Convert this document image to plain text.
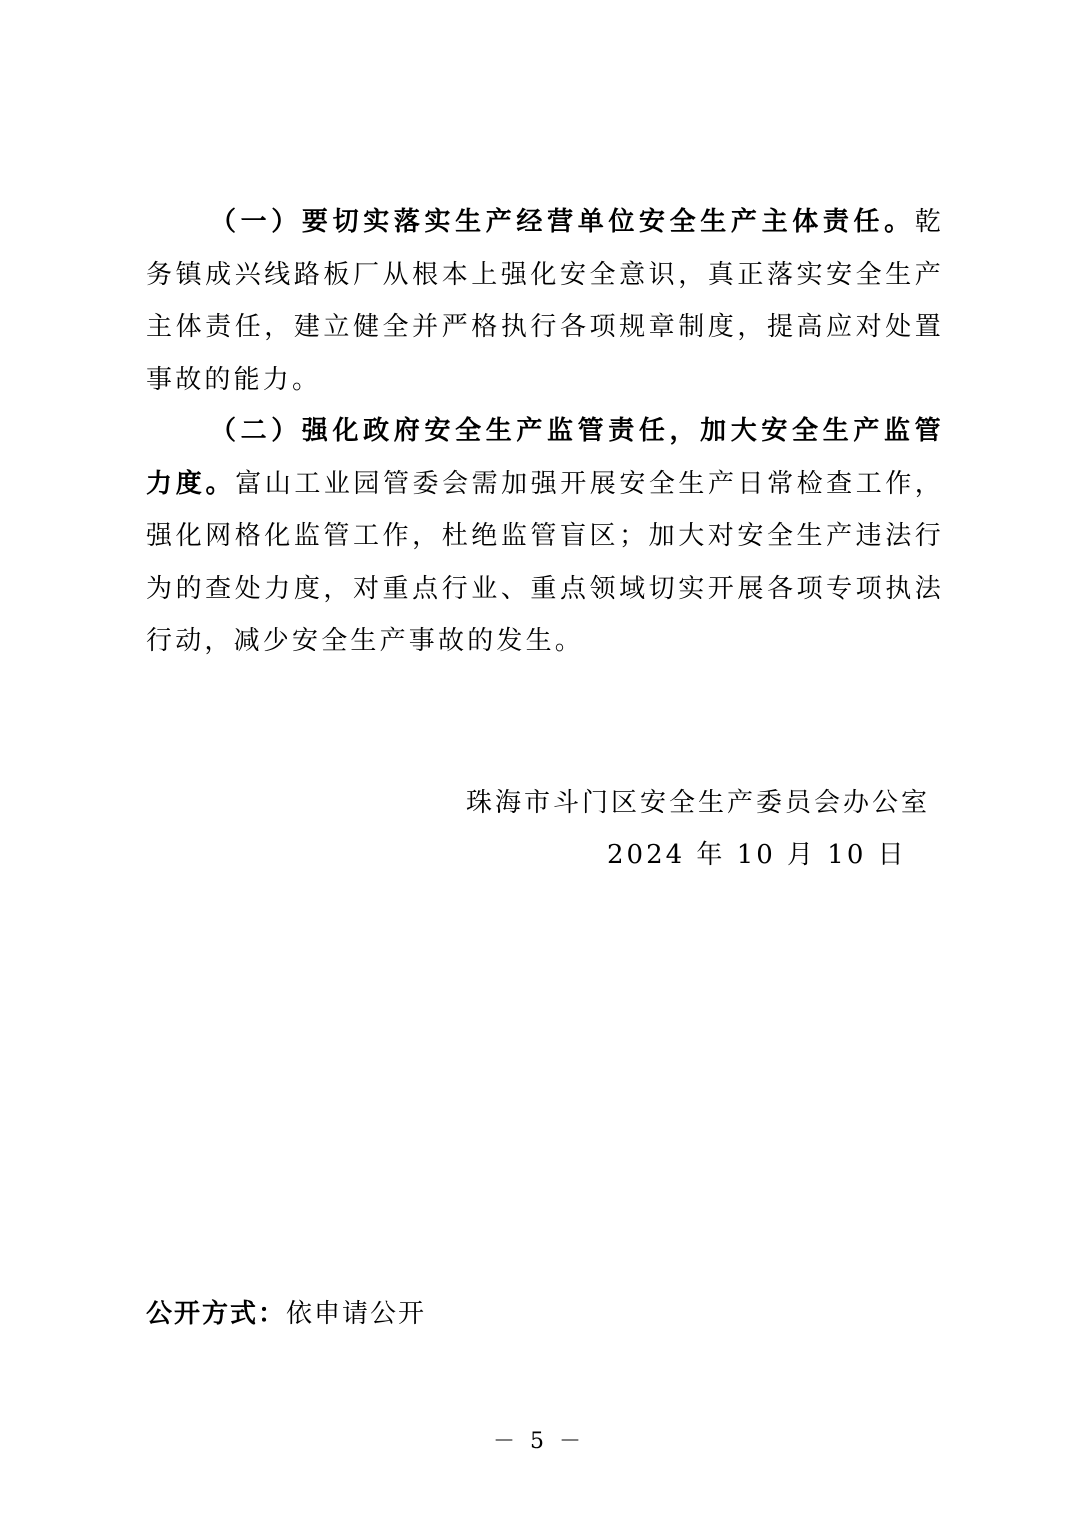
（一）要切实落实生产经营单位安全生产主体责任。乾务镇成兴线路板厂从根本上强化安全意识，真正落实安全生产主体责任，建立健全并严格执行各项规章制度，提高应对处置事故的能力。

（二）强化政府安全生产监管责任，加大安全生产监管力度。富山工业园管委会需加强开展安全生产日常检查工作，强化网格化监管工作，杜绝监管盲区；加大对安全生产违法行为的查处力度，对重点行业、重点领域切实开展各项专项执法行动，减少安全生产事故的发生。

珠海市斗门区安全生产委员会办公室

2024 年 10 月 10 日

公开方式：依申请公开

－ 5 －
